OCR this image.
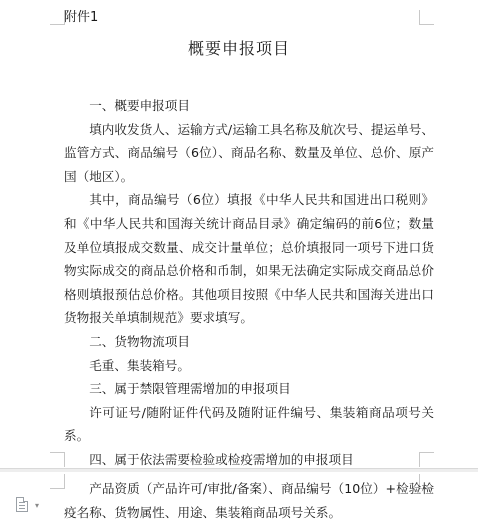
附件1
概要申报项目

一、概要申报项目

填内收发货人、运输方式/运输工具名称及航次号、提运单号、监管方式、商品编号（6位）、商品名称、数量及单位、总价、原产国（地区）。

其中，商品编号（6位）填报《中华人民共和国进出口税则》和《中华人民共和国海关统计商品目录》确定编码的前6位；数量及单位填报成交数量、成交计量单位；总价填报同一项号下进口货物实际成交的商品总价格和币制，如果无法确定实际成交商品总价格则填报预估总价格。其他项目按照《中华人民共和国海关进出口货物报关单填制规范》要求填写。

二、货物物流项目

毛重、集装箱号。

三、属于禁限管理需增加的申报项目

许可证号/随附证件代码及随附证件编号、集装箱商品项号关系。

四、属于依法需要检验或检疫需增加的申报项目

产品资质（产品许可/审批/备案）、商品编号（10位）+检验检疫名称、货物属性、用途、集装箱商品项号关系。

▾
